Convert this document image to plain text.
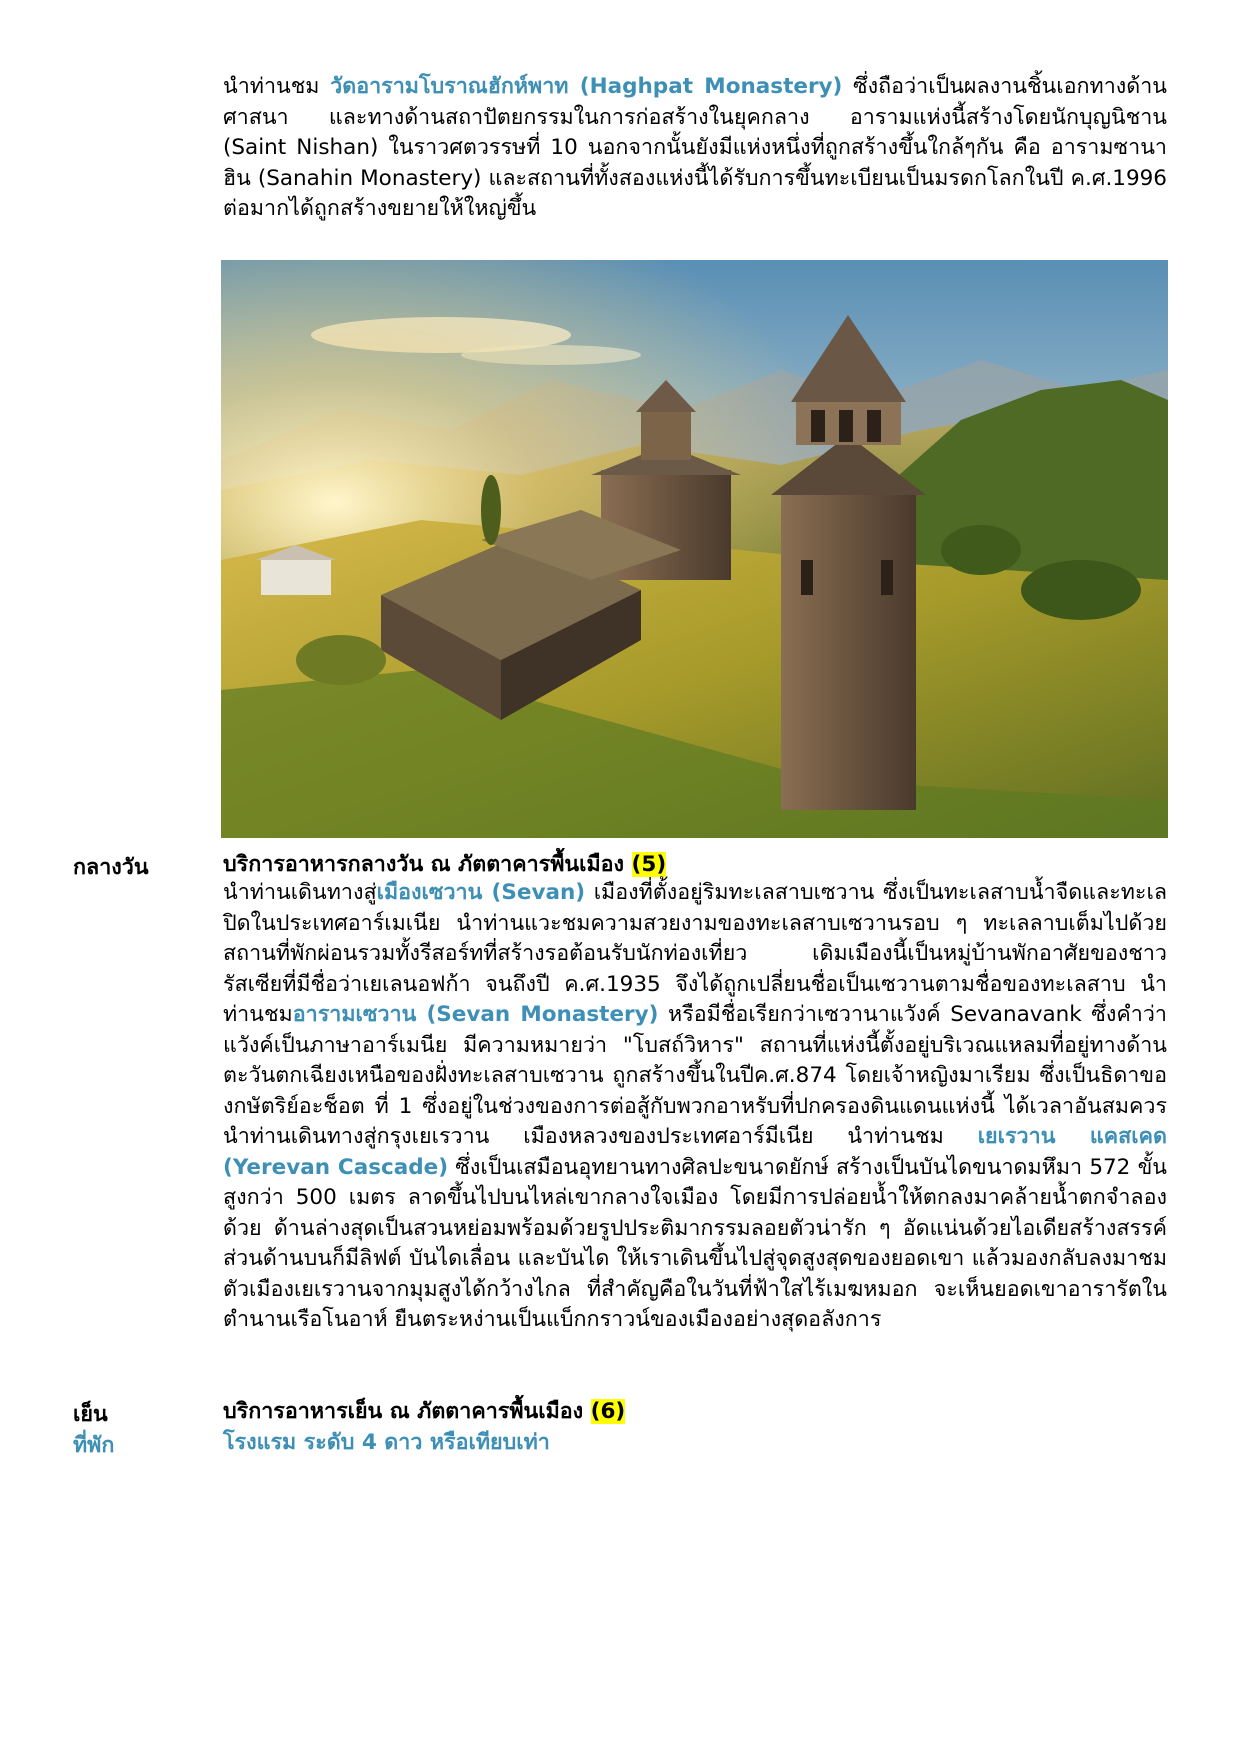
นำท่านชม วัดอารามโบราณฮักห์พาท (Haghpat Monastery) ซึ่งถือว่าเป็นผลงานชิ้นเอกทางด้านศาสนา และทางด้านสถาปัตยกรรมในการก่อสร้างในยุคกลาง อารามแห่งนี้สร้างโดยนักบุญนิชาน (Saint Nishan) ในราวศตวรรษที่ 10 นอกจากนั้นยังมีแห่งหนึ่งที่ถูกสร้างขึ้นใกล้ๆกัน คือ อารามซานาฮิน (Sanahin Monastery) และสถานที่ทั้งสองแห่งนี้ได้รับการขึ้นทะเบียนเป็นมรดกโลกในปี ค.ศ.1996 ต่อมากได้ถูกสร้างขยายให้ใหญ่ขึ้น
กลางวัน	บริการอาหารกลางวัน ณ ภัตตาคารพื้นเมือง (5)
นำท่านเดินทางสู่เมืองเซวาน (Sevan) เมืองที่ตั้งอยู่ริมทะเลสาบเซวาน ซึ่งเป็นทะเลสาบน้ำจืดและทะเลปิดในประเทศอาร์เมเนีย นำท่านแวะชมความสวยงามของทะเลสาบเซวานรอบ ๆ ทะเลลาบเต็มไปด้วยสถานที่พักผ่อนรวมทั้งรีสอร์ทที่สร้างรอต้อนรับนักท่องเที่ยว เดิมเมืองนี้เป็นหมู่บ้านพักอาศัยของชาวรัสเซียที่มีชื่อว่าเยเลนอฟก้า จนถึงปี ค.ศ.1935 จึงได้ถูกเปลี่ยนชื่อเป็นเซวานตามชื่อของทะเลสาบ นำท่านชมอารามเซวาน (Sevan Monastery) หรือมีชื่อเรียกว่าเซวานาแวังค์ Sevanavank ซึ่งคำว่าแวังค์เป็นภาษาอาร์เมนีย มีความหมายว่า "โบสถ์วิหาร" สถานที่แห่งนี้ตั้งอยู่บริเวณแหลมที่อยู่ทางด้านตะวันตกเฉียงเหนือของฝั่งทะเลสาบเซวาน ถูกสร้างขึ้นในปีค.ศ.874 โดยเจ้าหญิงมาเรียม ซึ่งเป็นธิดาของกษัตริย์อะช็อต ที่ 1 ซึ่งอยู่ในช่วงของการต่อสู้กับพวกอาหรับที่ปกครองดินแดนแห่งนี้ ได้เวลาอันสมควรนำท่านเดินทางสู่กรุงเยเรวาน เมืองหลวงของประเทศอาร์มีเนีย นำท่านชม เยเรวาน แคสเคด (Yerevan Cascade) ซึ่งเป็นเสมือนอุทยานทางศิลปะขนาดยักษ์ สร้างเป็นบันไดขนาดมหึมา 572 ขั้น สูงกว่า 500 เมตร ลาดขึ้นไปบนไหล่เขากลางใจเมือง โดยมีการปล่อยน้ำให้ตกลงมาคล้ายน้ำตกจำลองด้วย ด้านล่างสุดเป็นสวนหย่อมพร้อมด้วยรูปประติมากรรมลอยตัวน่ารัก ๆ อัดแน่นด้วยไอเดียสร้างสรรค์ ส่วนด้านบนก็มีลิฟต์ บันไดเลื่อน และบันได ให้เราเดินขึ้นไปสู่จุดสูงสุดของยอดเขา แล้วมองกลับลงมาชมตัวเมืองเยเรวานจากมุมสูงได้กว้างไกล ที่สำคัญคือในวันที่ฟ้าใสไร้เมฆหมอก จะเห็นยอดเขาอารารัตในตำนานเรือโนอาห์ ยืนตระหง่านเป็นแบ็กกราวน์ของเมืองอย่างสุดอลังการ
เย็น	บริการอาหารเย็น ณ ภัตตาคารพื้นเมือง (6)
ที่พัก	โรงแรม ระดับ 4 ดาว หรือเทียบเท่า
